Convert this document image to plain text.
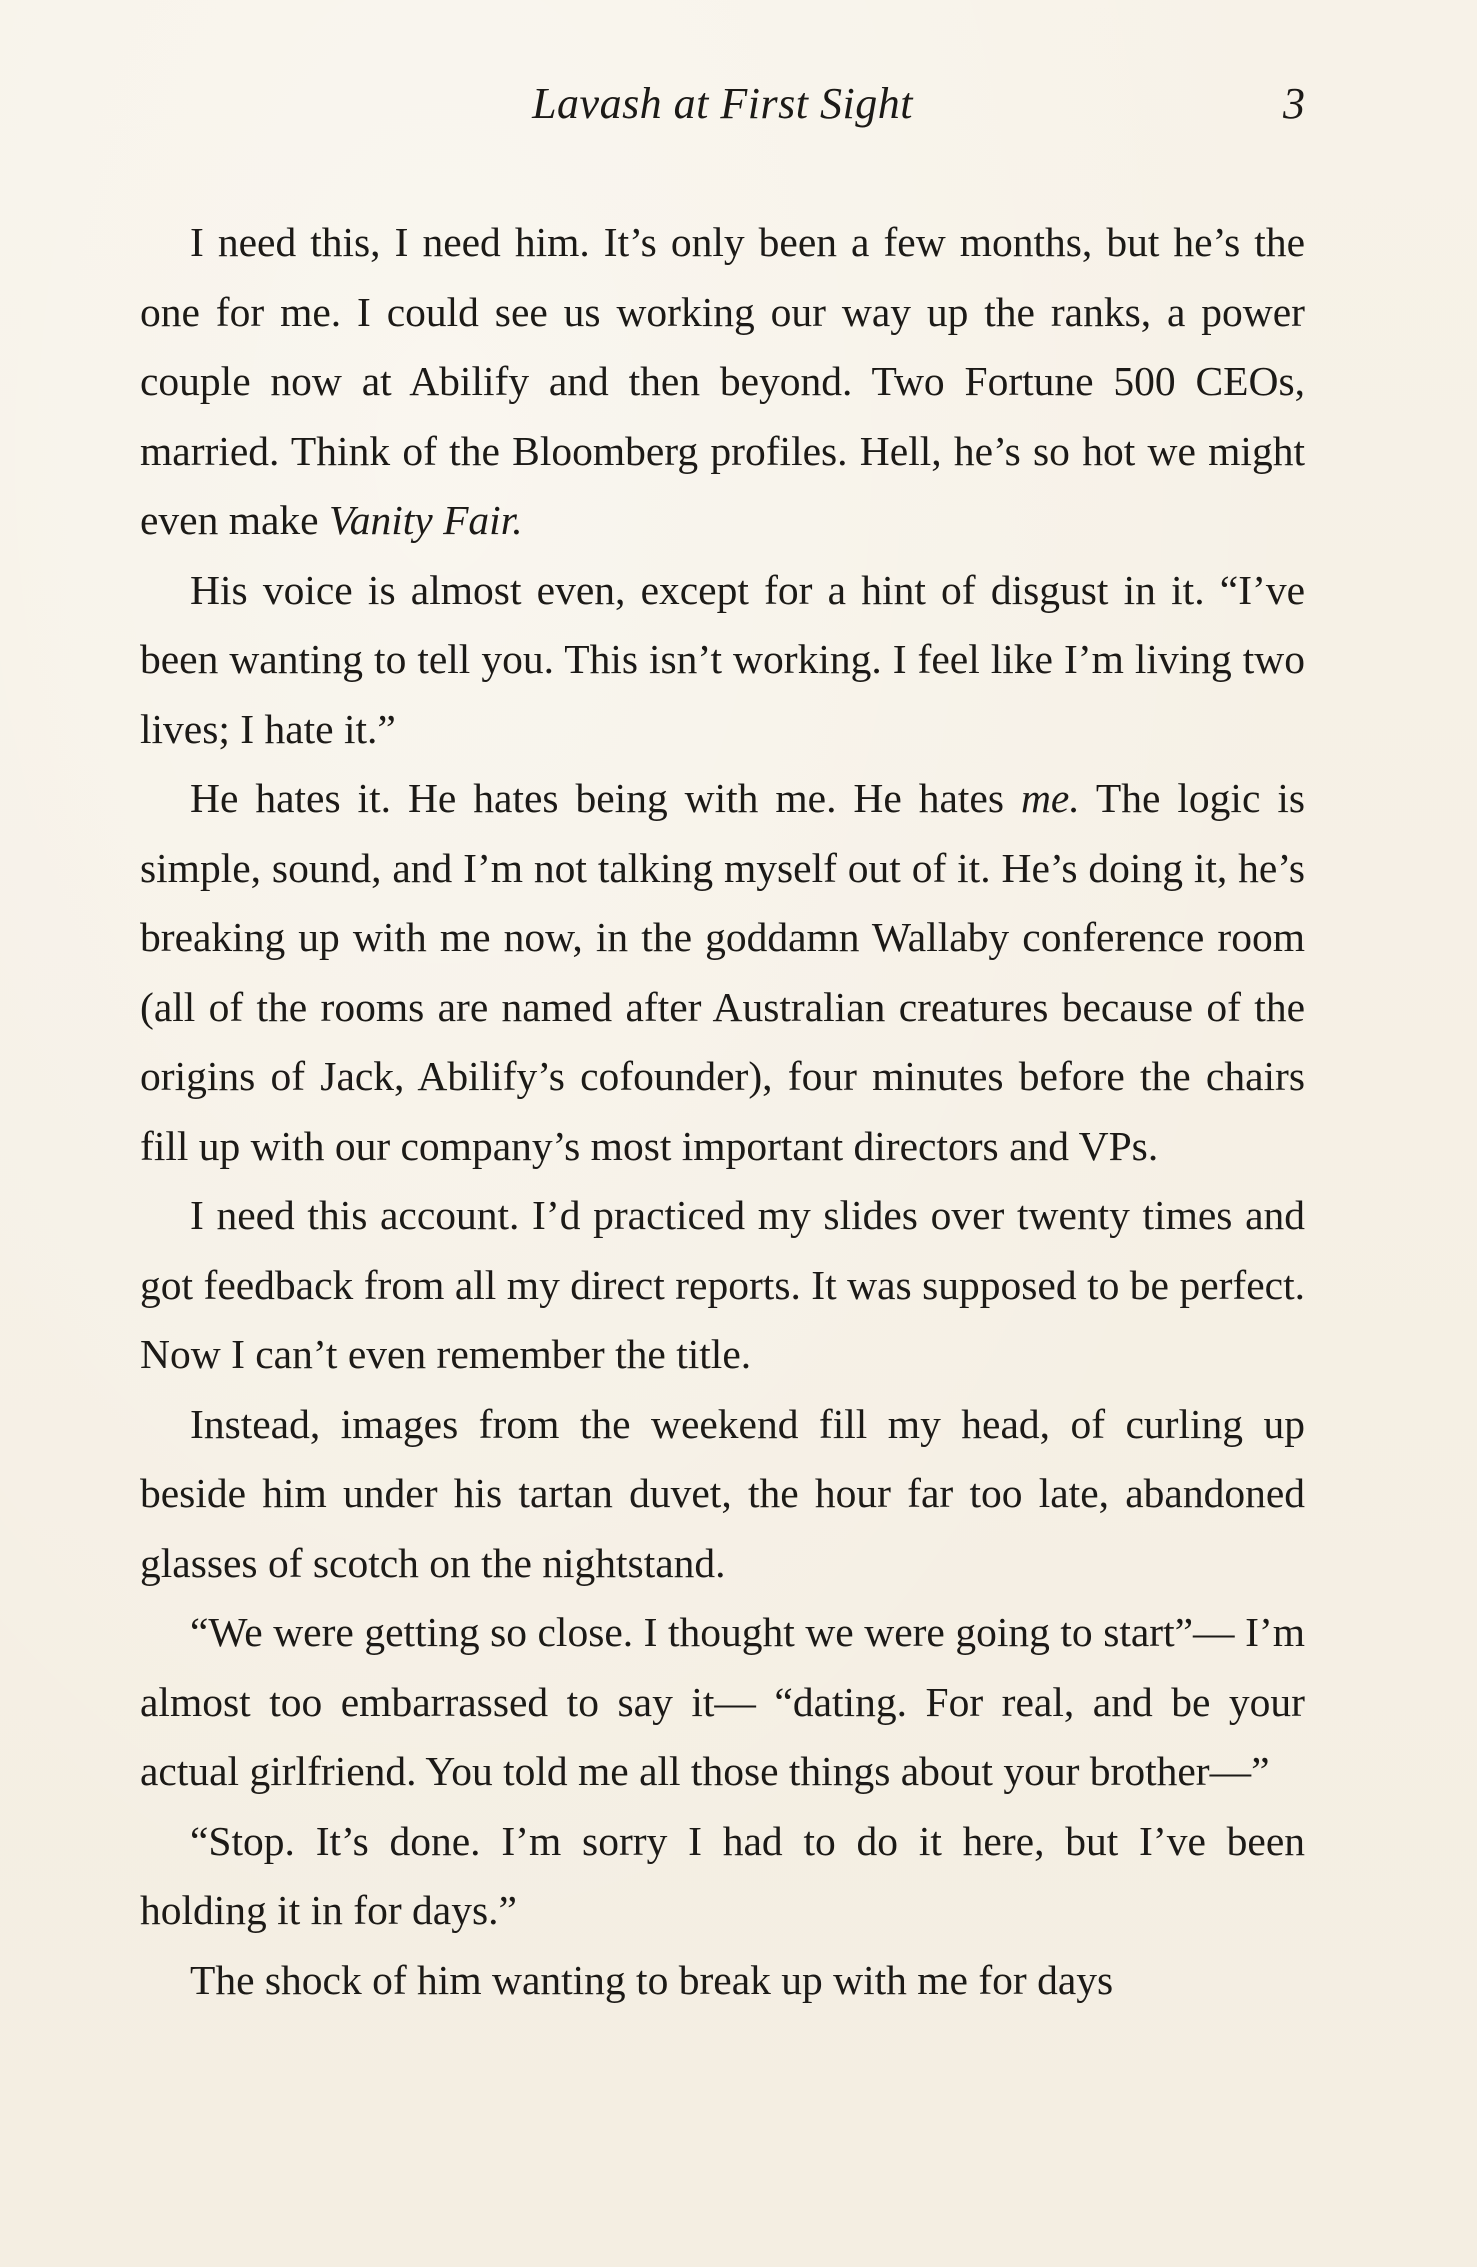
Lavash at First Sight	3

I need this, I need him. It’s only been a few months, but he’s the one for me. I could see us working our way up the ranks, a power couple now at Abilify and then beyond. Two Fortune 500 CEOs, married. Think of the Bloomberg profiles. Hell, he’s so hot we might even make Vanity Fair.

His voice is almost even, except for a hint of disgust in it. “I’ve been wanting to tell you. This isn’t working. I feel like I’m living two lives; I hate it.”

He hates it. He hates being with me. He hates me. The logic is simple, sound, and I’m not talking myself out of it. He’s doing it, he’s breaking up with me now, in the goddamn Wallaby conference room (all of the rooms are named after Australian creatures because of the origins of Jack, Abilify’s cofounder), four minutes before the chairs fill up with our company’s most important directors and VPs.

I need this account. I’d practiced my slides over twenty times and got feedback from all my direct reports. It was supposed to be perfect. Now I can’t even remember the title.

Instead, images from the weekend fill my head, of curling up beside him under his tartan duvet, the hour far too late, abandoned glasses of scotch on the nightstand.

“We were getting so close. I thought we were going to start”— I’m almost too embarrassed to say it— “dating. For real, and be your actual girlfriend. You told me all those things about your brother—”

“Stop. It’s done. I’m sorry I had to do it here, but I’ve been holding it in for days.”

The shock of him wanting to break up with me for days
